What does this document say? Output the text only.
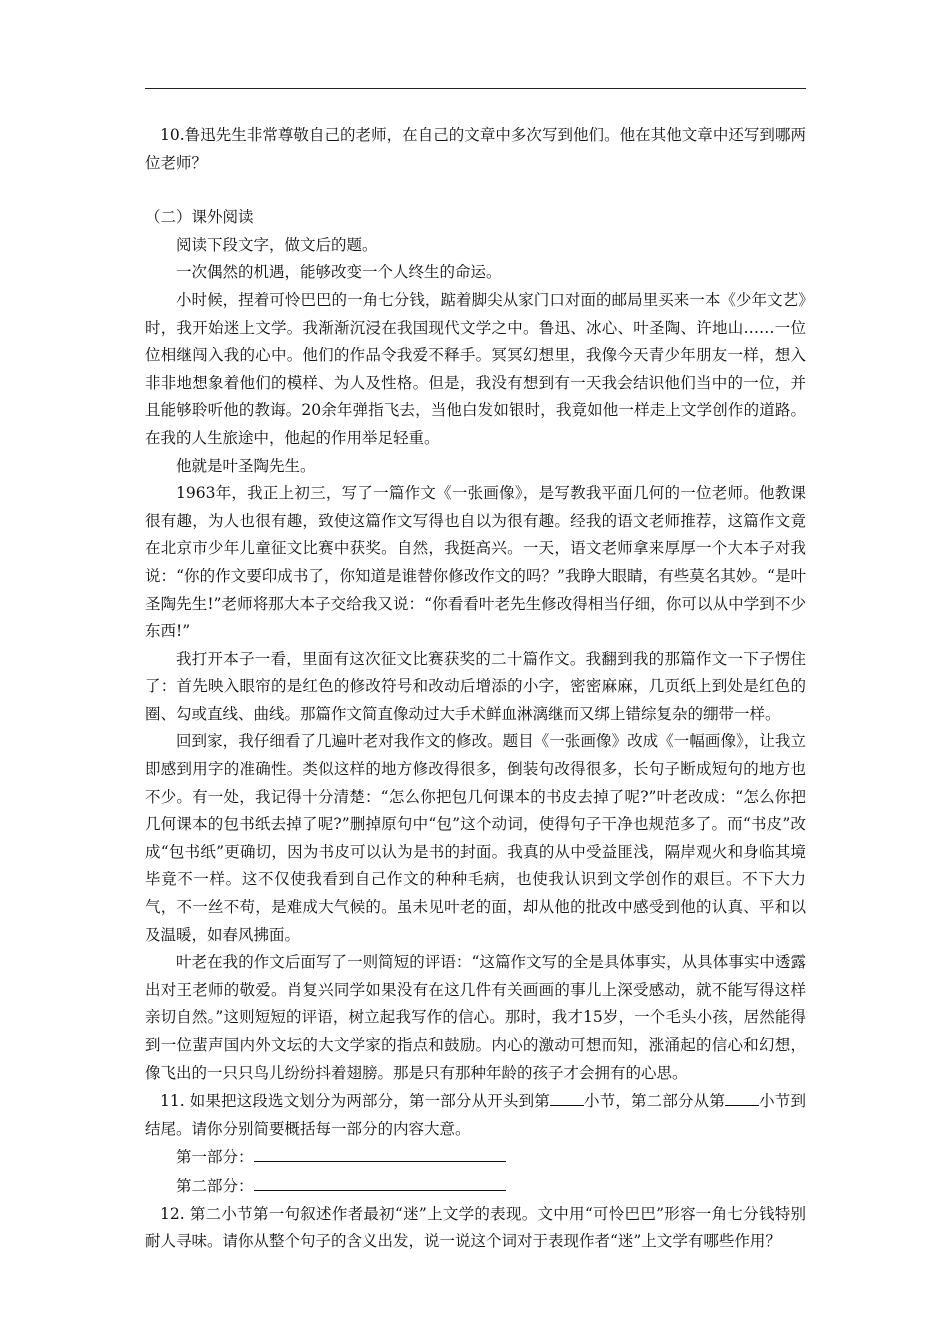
10.鲁迅先生非常尊敬自己的老师，在自己的文章中多次写到他们。他在其他文章中还写到哪两位老师？

（二）课外阅读

阅读下段文字，做文后的题。

一次偶然的机遇，能够改变一个人终生的命运。

小时候，捏着可怜巴巴的一角七分钱，踮着脚尖从家门口对面的邮局里买来一本《少年文艺》时，我开始迷上文学。我渐渐沉浸在我国现代文学之中。鲁迅、冰心、叶圣陶、许地山……一位位相继闯入我的心中。他们的作品令我爱不释手。冥冥幻想里，我像今天青少年朋友一样，想入非非地想象着他们的模样、为人及性格。但是，我没有想到有一天我会结识他们当中的一位，并且能够聆听他的教诲。20余年弹指飞去，当他白发如银时，我竟如他一样走上文学创作的道路。在我的人生旅途中，他起的作用举足轻重。

他就是叶圣陶先生。

1963年，我正上初三，写了一篇作文《一张画像》，是写教我平面几何的一位老师。他教课很有趣，为人也很有趣，致使这篇作文写得也自以为很有趣。经我的语文老师推荐，这篇作文竟在北京市少年儿童征文比赛中获奖。自然，我挺高兴。一天，语文老师拿来厚厚一个大本子对我说：“你的作文要印成书了，你知道是谁替你修改作文的吗？”我睁大眼睛，有些莫名其妙。“是叶圣陶先生!”老师将那大本子交给我又说：“你看看叶老先生修改得相当仔细，你可以从中学到不少东西!”

我打开本子一看，里面有这次征文比赛获奖的二十篇作文。我翻到我的那篇作文一下子愣住了：首先映入眼帘的是红色的修改符号和改动后增添的小字，密密麻麻，几页纸上到处是红色的圈、勾或直线、曲线。那篇作文简直像动过大手术鲜血淋漓继而又绑上错综复杂的绷带一样。

回到家，我仔细看了几遍叶老对我作文的修改。题目《一张画像》改成《一幅画像》，让我立即感到用字的准确性。类似这样的地方修改得很多，倒装句改得很多，长句子断成短句的地方也不少。有一处，我记得十分清楚：“怎么你把包几何课本的书皮去掉了呢?”叶老改成：“怎么你把几何课本的包书纸去掉了呢?”删掉原句中“包”这个动词，使得句子干净也规范多了。而“书皮”改成“包书纸”更确切，因为书皮可以认为是书的封面。我真的从中受益匪浅，隔岸观火和身临其境毕竟不一样。这不仅使我看到自己作文的种种毛病，也使我认识到文学创作的艰巨。不下大力气，不一丝不苟，是难成大气候的。虽未见叶老的面，却从他的批改中感受到他的认真、平和以及温暖，如春风拂面。

叶老在我的作文后面写了一则简短的评语：“这篇作文写的全是具体事实，从具体事实中透露出对王老师的敬爱。肖复兴同学如果没有在这几件有关画画的事儿上深受感动，就不能写得这样亲切自然。”这则短短的评语，树立起我写作的信心。那时，我才15岁，一个毛头小孩，居然能得到一位蜚声国内外文坛的大文学家的指点和鼓励。内心的激动可想而知，涨涌起的信心和幻想，像飞出的一只只鸟儿纷纷抖着翅膀。那是只有那种年龄的孩子才会拥有的心思。

11. 如果把这段选文划分为两部分，第一部分从开头到第 小节，第二部分从第 小节到结尾。请你分别简要概括每一部分的内容大意。

第一部分：

第二部分：

12. 第二小节第一句叙述作者最初“迷”上文学的表现。文中用“可怜巴巴”形容一角七分钱特别耐人寻味。请你从整个句子的含义出发，说一说这个词对于表现作者“迷”上文学有哪些作用？
